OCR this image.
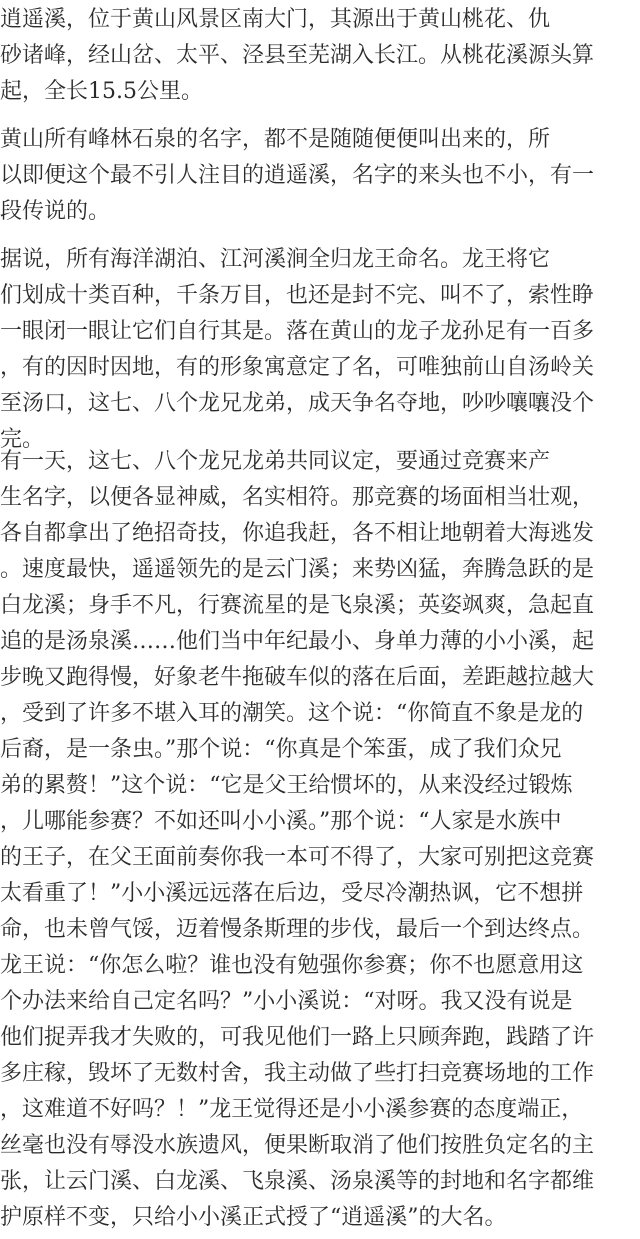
逍遥溪，位于黄山风景区南大门，其源出于黄山桃花、仇
砂诸峰，经山岔、太平、泾县至芜湖入长江。从桃花溪源头算
起，全长15.5公里。
黄山所有峰林石泉的名字，都不是随随便便叫出来的，所
以即便这个最不引人注目的逍遥溪，名字的来头也不小，有一
段传说的。
据说，所有海洋湖泊、江河溪涧全归龙王命名。龙王将它
们划成十类百种，千条万目，也还是封不完、叫不了，索性睁
一眼闭一眼让它们自行其是。落在黄山的龙子龙孙足有一百多
，有的因时因地，有的形象寓意定了名，可唯独前山自汤岭关
至汤口，这七、八个龙兄龙弟，成天争名夺地，吵吵嚷嚷没个
完。
有一天，这七、八个龙兄龙弟共同议定，要通过竞赛来产
生名字，以便各显神威，名实相符。那竞赛的场面相当壮观，
各自都拿出了绝招奇技，你追我赶，各不相让地朝着大海逃发
。速度最快，遥遥领先的是云门溪；来势凶猛，奔腾急跃的是
白龙溪；身手不凡，行赛流星的是飞泉溪；英姿飒爽，急起直
追的是汤泉溪……他们当中年纪最小、身单力薄的小小溪，起
步晚又跑得慢，好象老牛拖破车似的落在后面，差距越拉越大
，受到了许多不堪入耳的潮笑。这个说：“你简直不象是龙的
后裔，是一条虫。”那个说：“你真是个笨蛋，成了我们众兄
弟的累赘！”这个说：“它是父王给惯坏的，从来没经过锻炼
，儿哪能参赛？不如还叫小小溪。”那个说：“人家是水族中
的王子，在父王面前奏你我一本可不得了，大家可别把这竞赛
太看重了！”小小溪远远落在后边，受尽冷潮热讽，它不想拼
命，也未曾气馁，迈着慢条斯理的步伐，最后一个到达终点。
龙王说：“你怎么啦？谁也没有勉强你参赛；你不也愿意用这
个办法来给自己定名吗？”小小溪说：“对呀。我又没有说是
他们捉弄我才失败的，可我见他们一路上只顾奔跑，践踏了许
多庄稼，毁坏了无数村舍，我主动做了些打扫竞赛场地的工作
，这难道不好吗？！”龙王觉得还是小小溪参赛的态度端正，
丝毫也没有辱没水族遗风，便果断取消了他们按胜负定名的主
张，让云门溪、白龙溪、飞泉溪、汤泉溪等的封地和名字都维
护原样不变，只给小小溪正式授了“逍遥溪”的大名。
